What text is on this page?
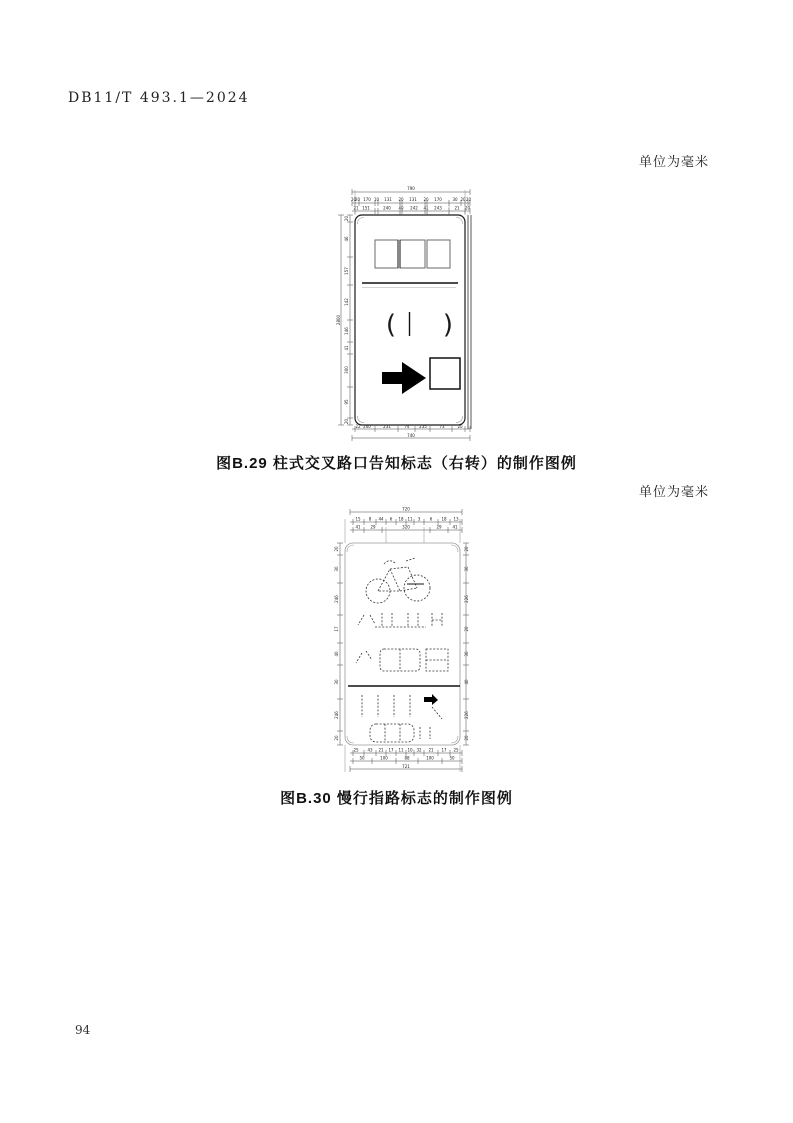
DB11/T 493.1—2024
单位为毫米
单位为毫米
790
20
20 170 10 131 20 131 20 170	30 20 20
21 151	240 40 242 41 243	21 20
( )
20
46
157
142
146
41
300
95
20
2800
22 200	231	74 235	73	20
740
图B.29 柱式交叉路口告知标志（右转）的制作图例
720
15 8 44 6 18 11 3 6 18 13
41 29	320	29	41
20
30
246
17
40
30
246
20
20
30
226
20
30
40
226
20
25 43 21 17 11 10 32 21 17 25
50	100	88	100	50
721
图B.30 慢行指路标志的制作图例
94
